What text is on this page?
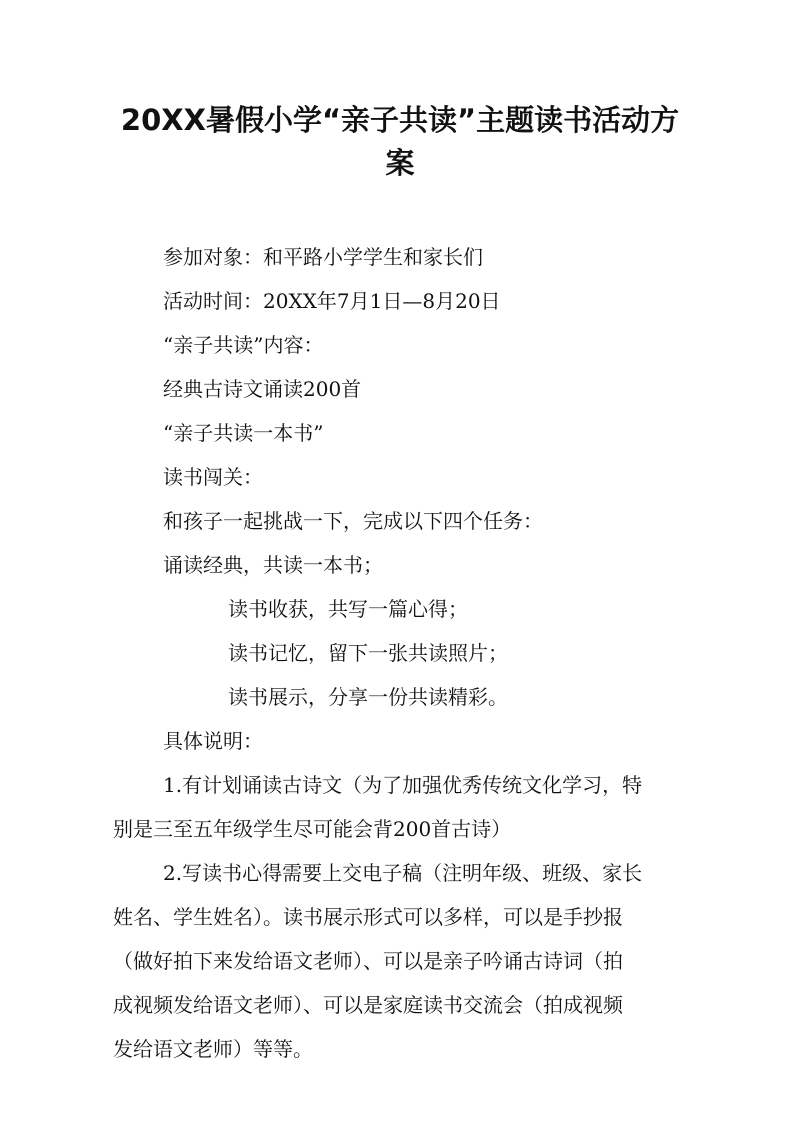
20XX暑假小学“亲子共读”主题读书活动方
案
参加对象：和平路小学学生和家长们
活动时间：20XX年7月1日—8月20日
“亲子共读”内容：
经典古诗文诵读200首
“亲子共读一本书”
读书闯关：
和孩子一起挑战一下，完成以下四个任务：
诵读经典，共读一本书；
读书收获，共写一篇心得；
读书记忆，留下一张共读照片；
读书展示，分享一份共读精彩。
具体说明：
1.有计划诵读古诗文（为了加强优秀传统文化学习，特
别是三至五年级学生尽可能会背200首古诗）
2.写读书心得需要上交电子稿（注明年级、班级、家长
姓名、学生姓名）。读书展示形式可以多样，可以是手抄报
（做好拍下来发给语文老师）、可以是亲子吟诵古诗词（拍
成视频发给语文老师）、可以是家庭读书交流会（拍成视频
发给语文老师）等等。
